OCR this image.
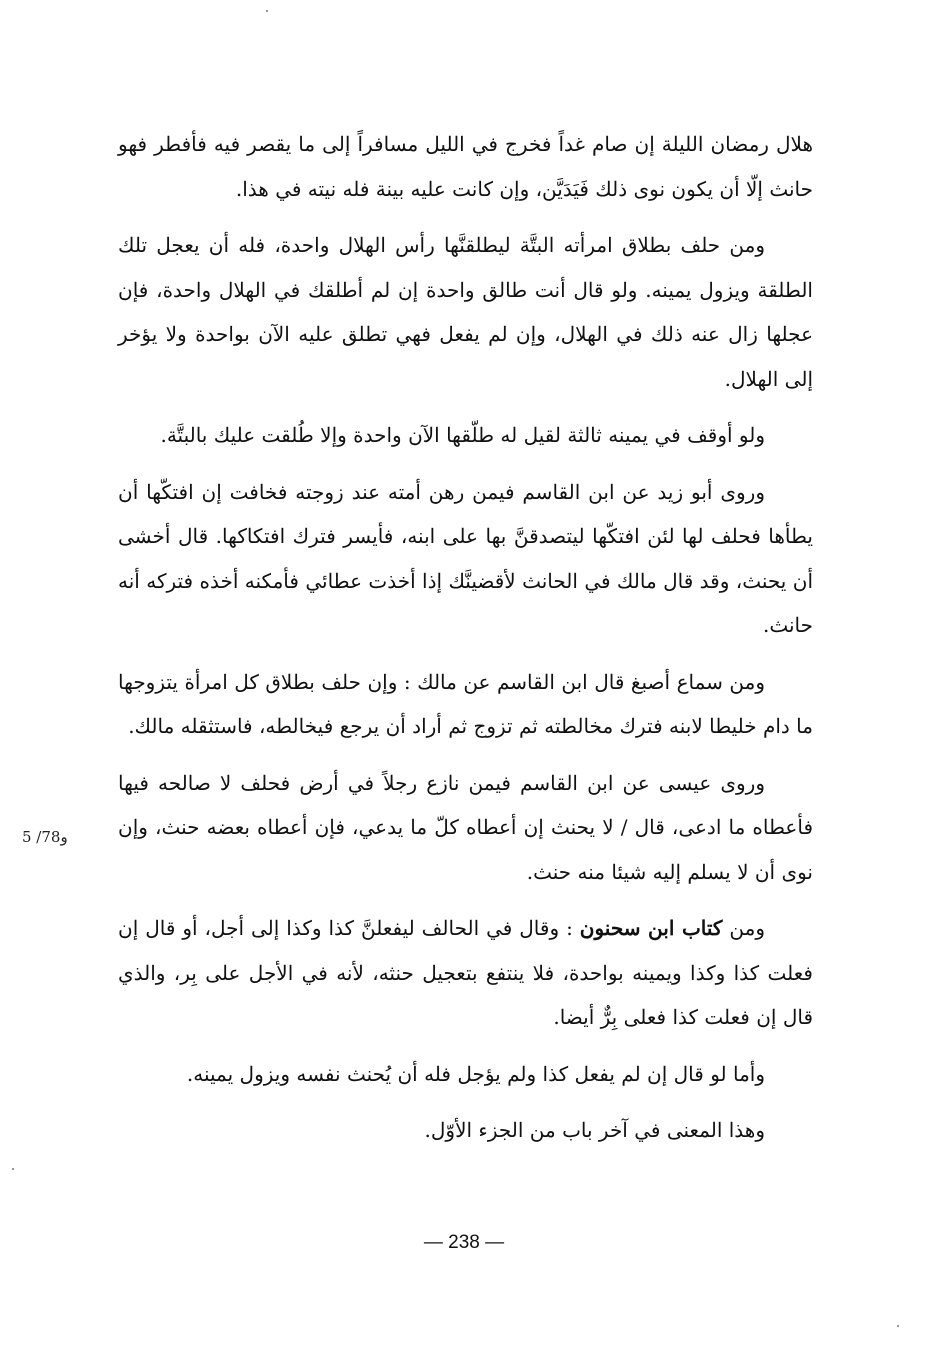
هلال رمضان الليلة إن صام غداً فخرج في الليل مسافراً إلى ما يقصر فيه فأفطر فهو حانث إلّا أن يكون نوى ذلك فَيَدَيَّن، وإن كانت عليه بينة فله نيته في هذا.

ومن حلف بطلاق امرأته البتَّة ليطلقنَّها رأس الهلال واحدة، فله أن يعجل تلك الطلقة ويزول يمينه. ولو قال أنت طالق واحدة إن لم أطلقك في الهلال واحدة، فإن عجلها زال عنه ذلك في الهلال، وإن لم يفعل فهي تطلق عليه الآن بواحدة ولا يؤخر إلى الهلال.

ولو أوقف في يمينه ثالثة لقيل له طلّقها الآن واحدة وإلا طُلقت عليك بالبتَّة.

وروى أبو زيد عن ابن القاسم فيمن رهن أمته عند زوجته فخافت إن افتكّها أن يطأها فحلف لها لئن افتكّها ليتصدقنَّ بها على ابنه، فأيسر فترك افتكاكها. قال أخشى أن يحنث، وقد قال مالك في الحانث لأقضينَّك إذا أخذت عطائي فأمكنه أخذه فتركه أنه حانث.

ومن سماع أصبغ قال ابن القاسم عن مالك : وإن حلف بطلاق كل امرأة يتزوجها ما دام خليطا لابنه فترك مخالطته ثم تزوج ثم أراد أن يرجع فيخالطه، فاستثقله مالك.

وروى عيسى عن ابن القاسم فيمن نازع رجلاً في أرض فحلف لا صالحه فيها فأعطاه ما ادعى، قال / لا يحنث إن أعطاه كلّ ما يدعي، فإن أعطاه بعضه حنث، وإن نوى أن لا يسلم إليه شيئا منه حنث.

ومن كتاب ابن سحنون : وقال في الحالف ليفعلنَّ كذا وكذا إلى أجل، أو قال إن فعلت كذا وكذا ويمينه بواحدة، فلا ينتفع بتعجيل حنثه، لأنه في الأجل على بِر، والذي قال إن فعلت كذا فعلى بِرٌّ أيضا.

وأما لو قال إن لم يفعل كذا ولم يؤجل فله أن يُحنث نفسه ويزول يمينه.

وهذا المعنى في آخر باب من الجزء الأوّل.

5 /78و
— 238 —
